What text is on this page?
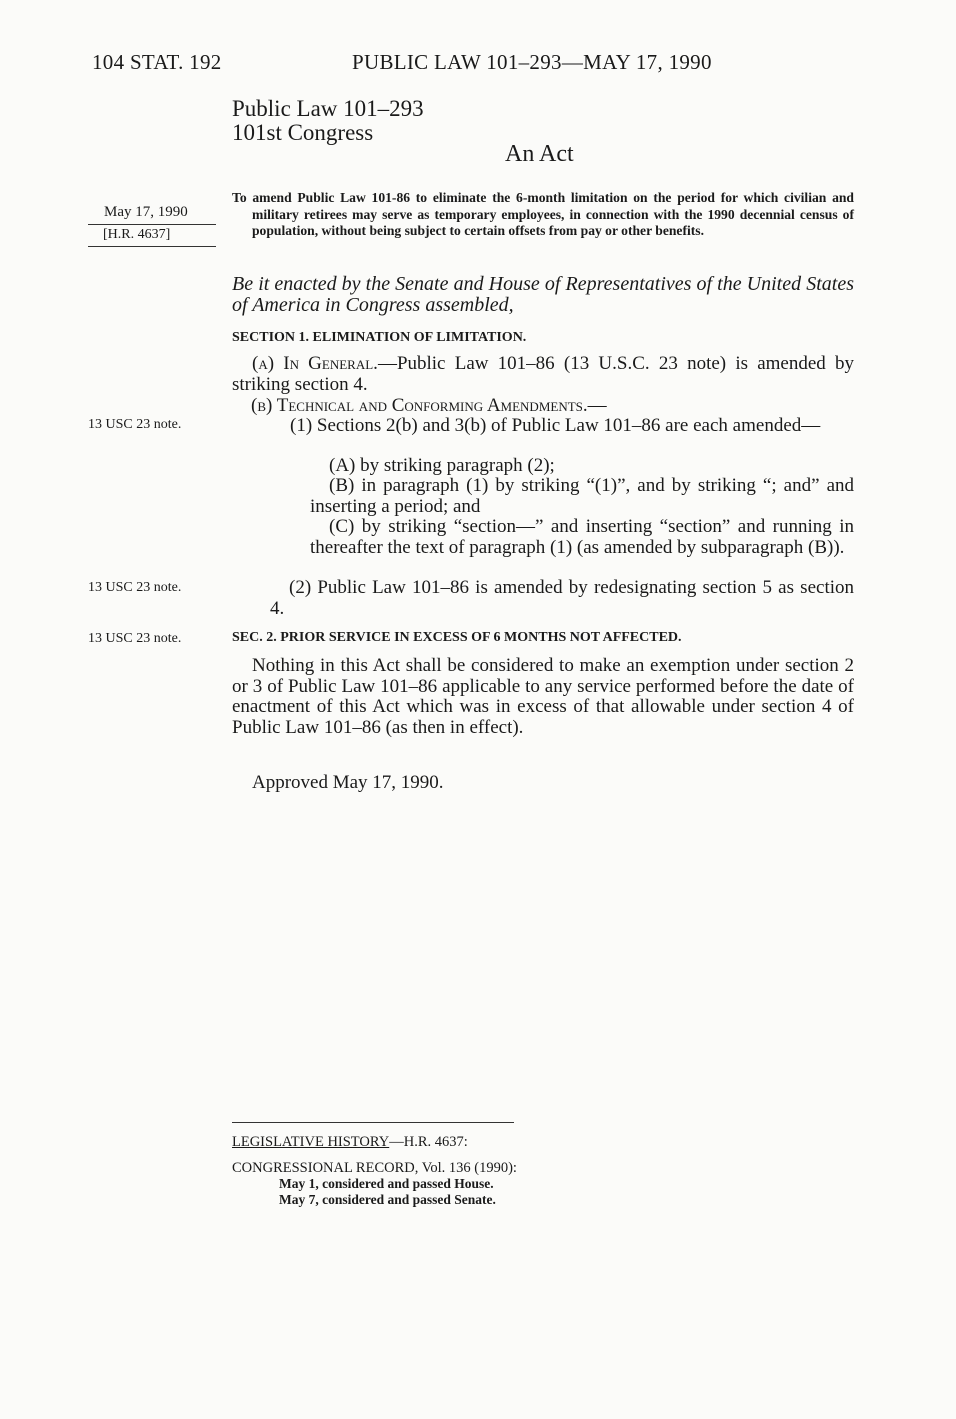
104 STAT. 192	PUBLIC LAW 101–293—MAY 17, 1990
Public Law 101–293
101st Congress
An Act
May 17, 1990
[H.R. 4637]
To amend Public Law 101-86 to eliminate the 6-month limitation on the period for which civilian and military retirees may serve as temporary employees, in connection with the 1990 decennial census of population, without being subject to certain offsets from pay or other benefits.
Be it enacted by the Senate and House of Representatives of the United States of America in Congress assembled,
SECTION 1. ELIMINATION OF LIMITATION.
(a) In General.—Public Law 101–86 (13 U.S.C. 23 note) is amended by striking section 4.
(b) Technical and Conforming Amendments.—
13 USC 23 note.	(1) Sections 2(b) and 3(b) of Public Law 101–86 are each amended—
(A) by striking paragraph (2);
(B) in paragraph (1) by striking “(1)”, and by striking “; and” and inserting a period; and
(C) by striking “section—” and inserting “section” and running in thereafter the text of paragraph (1) (as amended by subparagraph (B)).
13 USC 23 note.	(2) Public Law 101–86 is amended by redesignating section 5 as section 4.
13 USC 23 note.	SEC. 2. PRIOR SERVICE IN EXCESS OF 6 MONTHS NOT AFFECTED.
Nothing in this Act shall be considered to make an exemption under section 2 or 3 of Public Law 101–86 applicable to any service performed before the date of enactment of this Act which was in excess of that allowable under section 4 of Public Law 101–86 (as then in effect).
Approved May 17, 1990.
LEGISLATIVE HISTORY—H.R. 4637:
CONGRESSIONAL RECORD, Vol. 136 (1990):
May 1, considered and passed House.
May 7, considered and passed Senate.
